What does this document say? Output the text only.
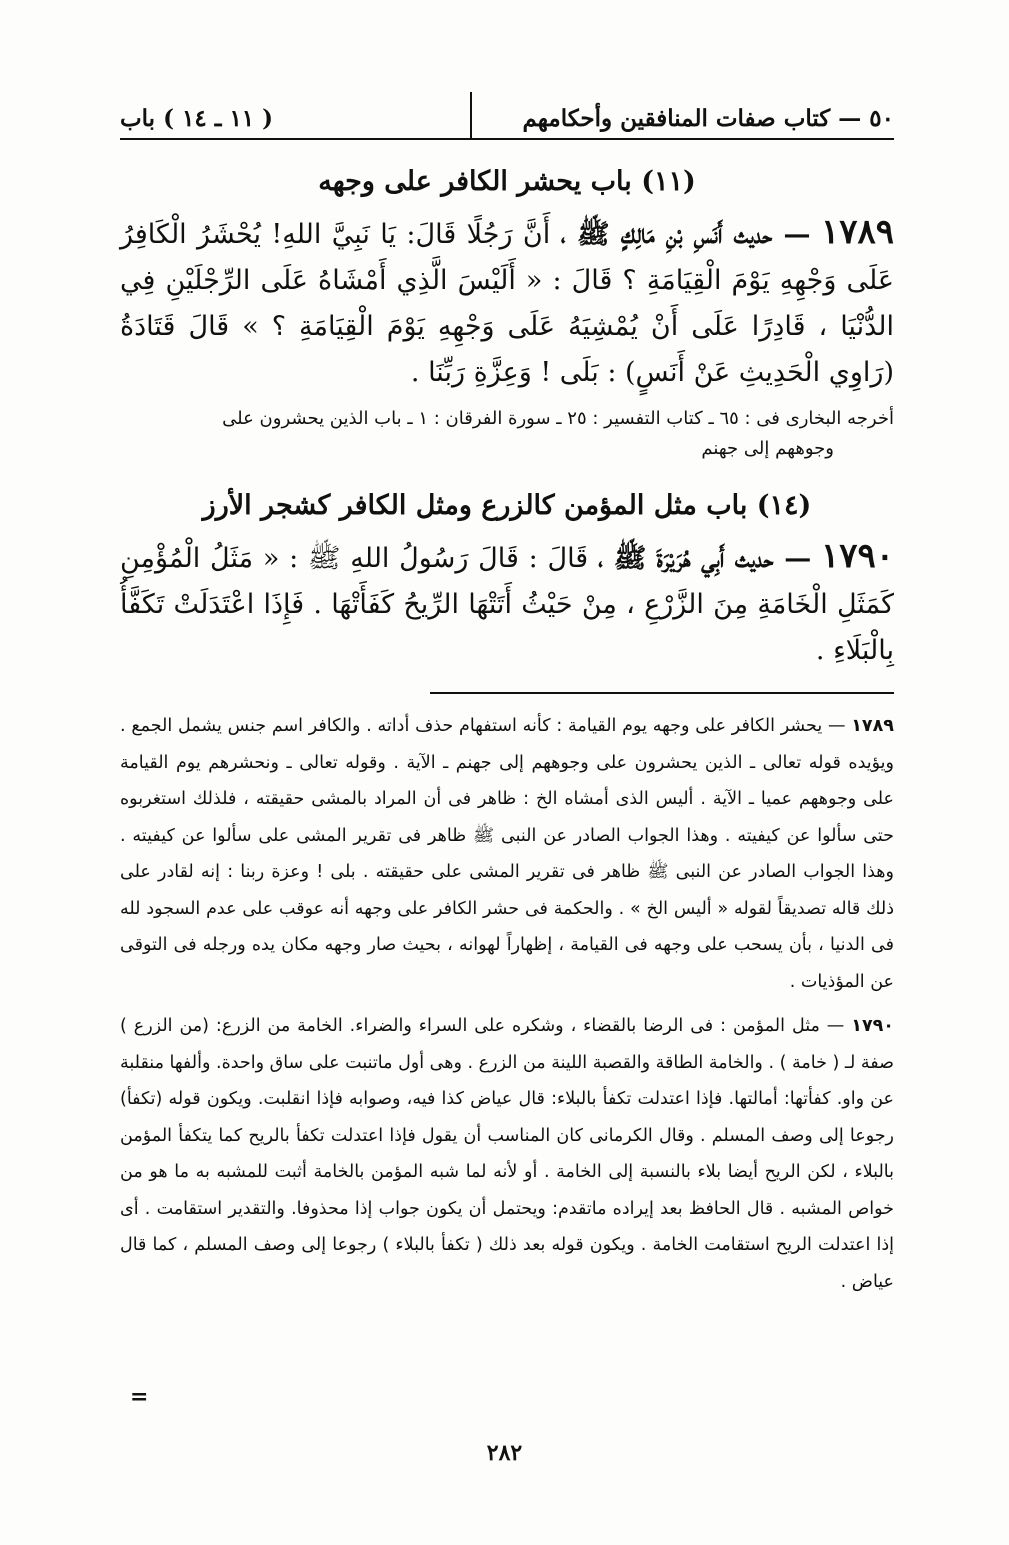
٥٠ — كتاب صفات المنافقين وأحكامهم
( ١١ ـ ١٤ ) باب
(١١) باب يحشر الكافر على وجهه

١٧٨٩ — حديث أَنَسِ بْنِ مَالِكٍ ﷺ ، أَنَّ رَجُلًا قَالَ: يَا نَبِيَّ اللهِ! يُحْشَرُ الْكَافِرُ عَلَى وَجْهِهِ يَوْمَ الْقِيَامَةِ ؟ قَالَ : « أَلَيْسَ الَّذِي أَمْشَاهُ عَلَى الرِّجْلَيْنِ فِي الدُّنْيَا ، قَادِرًا عَلَى أَنْ يُمْشِيَهُ عَلَى وَجْهِهِ يَوْمَ الْقِيَامَةِ ؟ » قَالَ قَتَادَةُ (رَاوِي الْحَدِيثِ عَنْ أَنَسٍ) : بَلَى ! وَعِزَّةِ رَبِّنَا .

أخرجه البخارى فى : ٦٥ ـ كتاب التفسير : ٢٥ ـ سورة الفرقان : ١ ـ باب الذين يحشرون على
وجوههم إلى جهنم
(١٤) باب مثل المؤمن كالزرع ومثل الكافر كشجر الأرز

١٧٩٠ — حديث أَبِي هُرَيْرَةَ ﷺ ، قَالَ : قَالَ رَسُولُ اللهِ ﷺ : « مَثَلُ الْمُؤْمِنِ كَمَثَلِ الْخَامَةِ مِنَ الزَّرْعِ ، مِنْ حَيْثُ أَتَتْهَا الرِّيحُ كَفَأَتْهَا . فَإِذَا اعْتَدَلَتْ تَكَفَّأُ بِالْبَلَاءِ .

١٧٨٩ — يحشر الكافر على وجهه يوم القيامة : كأنه استفهام حذف أداته . والكافر اسم جنس يشمل الجمع . ويؤيده قوله تعالى ـ الذين يحشرون على وجوههم إلى جهنم ـ الآية . وقوله تعالى ـ ونحشرهم يوم القيامة على وجوههم عميا ـ الآية . أليس الذى أمشاه الخ : ظاهر فى أن المراد بالمشى حقيقته ، فلذلك استغربوه حتى سألوا عن كيفيته . وهذا الجواب الصادر عن النبى ﷺ ظاهر فى تقرير المشى على سألوا عن كيفيته . وهذا الجواب الصادر عن النبى ﷺ ظاهر فى تقرير المشى على حقيقته . بلى ! وعزة ربنا : إنه لقادر على ذلك قاله تصديقاً لقوله « أليس الخ » . والحكمة فى حشر الكافر على وجهه أنه عوقب على عدم السجود لله فى الدنيا ، بأن يسحب على وجهه فى القيامة ، إظهاراً لهوانه ، بحيث صار وجهه مكان يده ورجله فى التوقى عن المؤذيات .

١٧٩٠ — مثل المؤمن : فى الرضا بالقضاء ، وشكره على السراء والضراء. الخامة من الزرع: (من الزرع ) صفة لـ ( خامة ) . والخامة الطاقة والقصبة اللينة من الزرع . وهى أول ماتنبت على ساق واحدة. وألفها منقلبة عن واو. كفأتها: أمالتها. فإذا اعتدلت تكفأ بالبلاء: قال عياض كذا فيه، وصوابه فإذا انقلبت. ويكون قوله (تكفأ) رجوعا إلى وصف المسلم . وقال الكرمانى كان المناسب أن يقول فإذا اعتدلت تكفأ بالريح كما يتكفأ المؤمن بالبلاء ، لكن الريح أيضا بلاء بالنسبة إلى الخامة . أو لأنه لما شبه المؤمن بالخامة أثبت للمشبه به ما هو من خواص المشبه . قال الحافظ بعد إيراده ماتقدم: ويحتمل أن يكون جواب إذا محذوفا. والتقدير استقامت . أى إذا اعتدلت الريح استقامت الخامة . ويكون قوله بعد ذلك ( تكفأ بالبلاء ) رجوعا إلى وصف المسلم ، كما قال عياض .

=
٢٨٢
